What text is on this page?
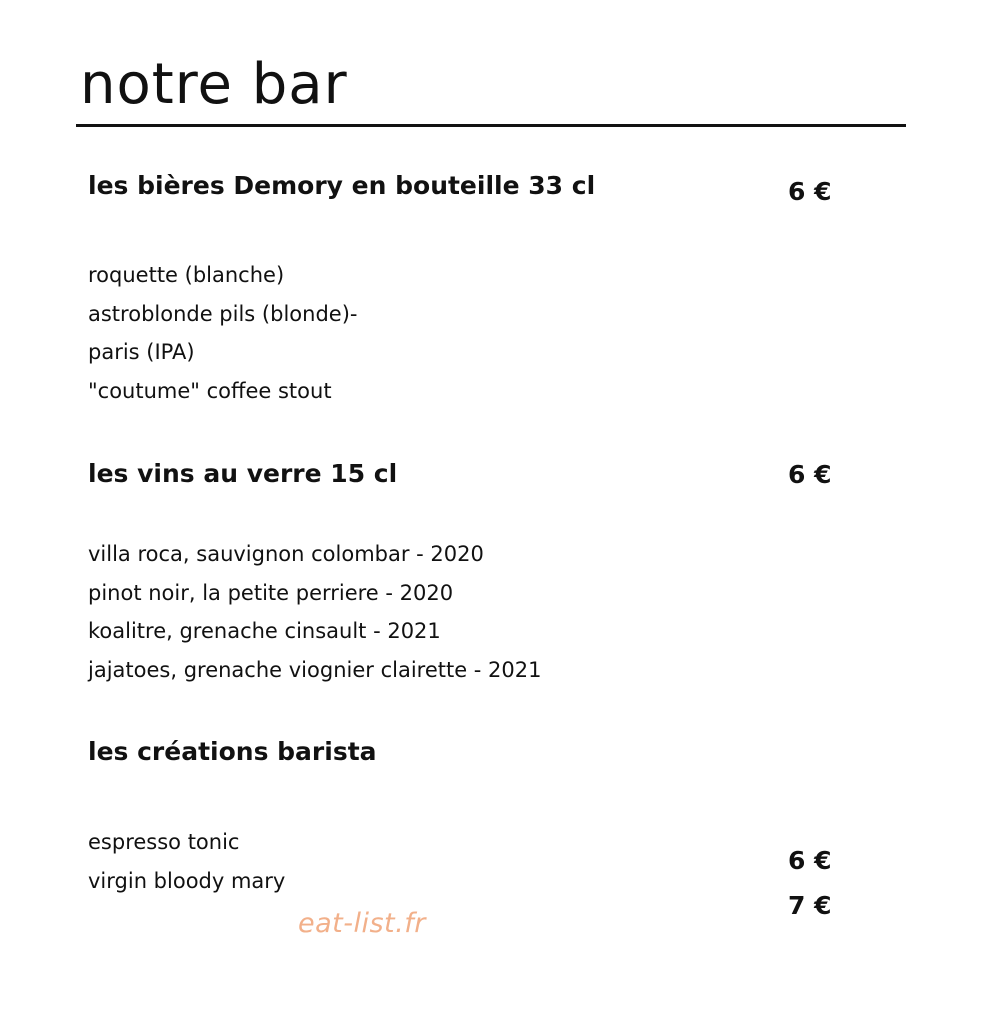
notre bar
les bières Demory en bouteille 33 cl	6 €
roquette (blanche)
astroblonde pils (blonde)-
paris (IPA)
"coutume" coffee stout
les vins au verre 15 cl	6 €
villa roca, sauvignon colombar - 2020
pinot noir, la petite perriere - 2020
koalitre, grenache cinsault - 2021
jajatoes, grenache viognier clairette - 2021
les créations barista
espresso tonic
virgin bloody mary
6 €
7 €
eat-list.fr
